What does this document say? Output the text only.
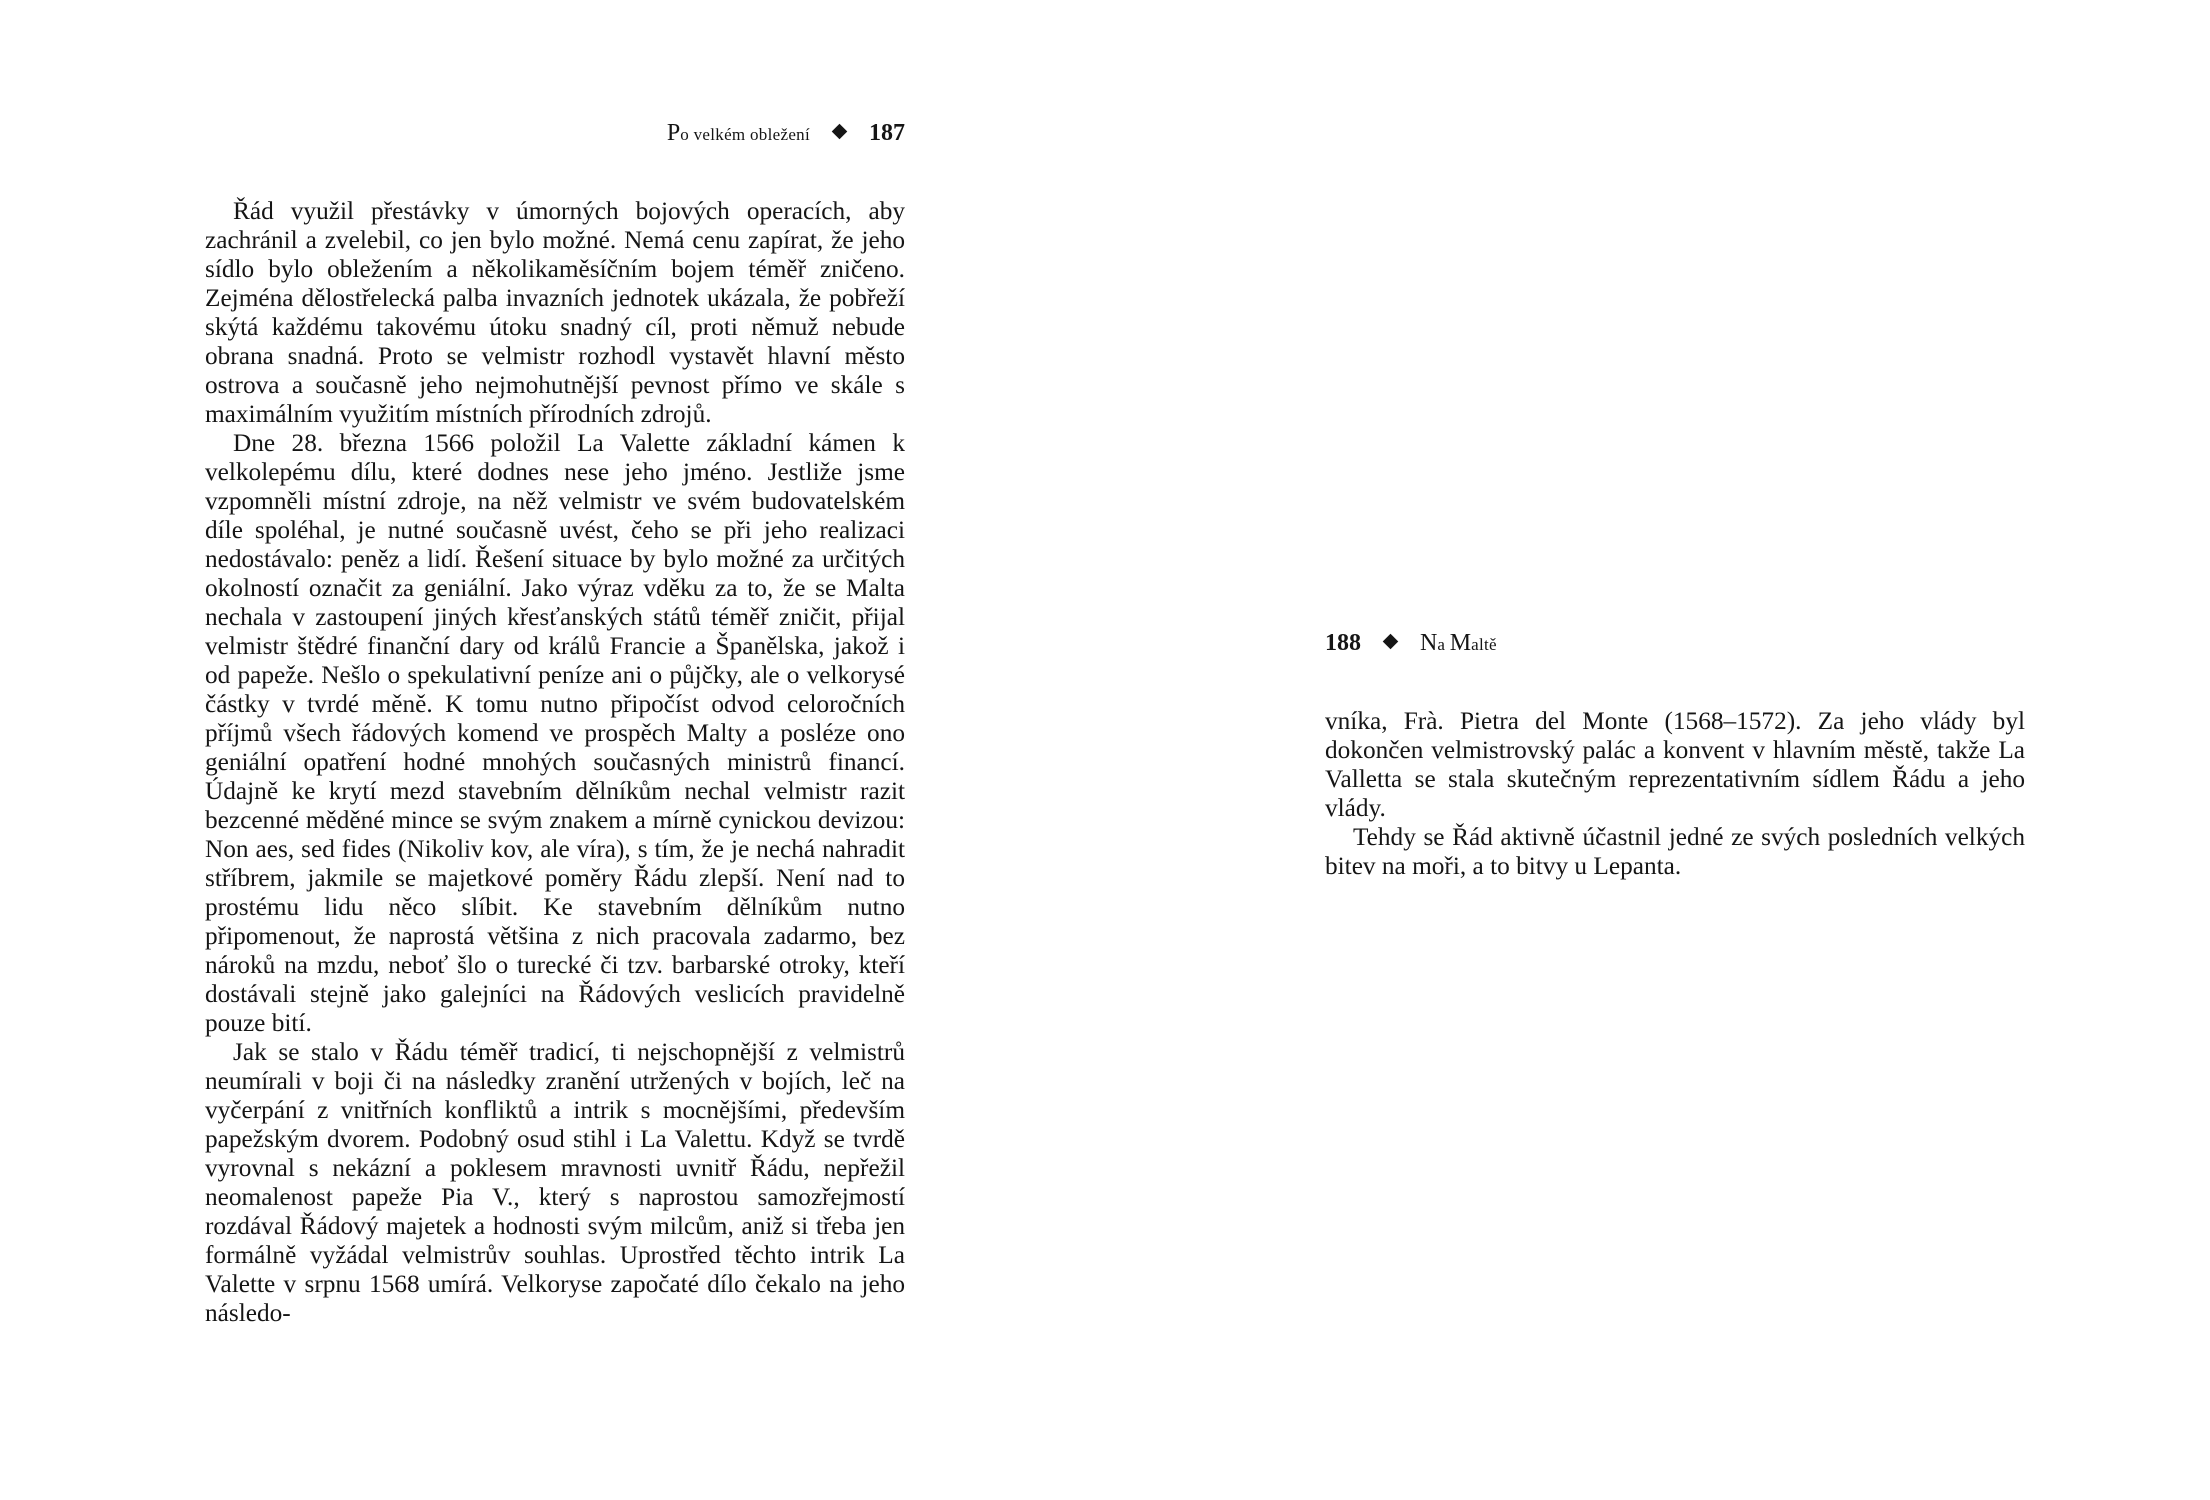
Po velkém obležení 187

Řád využil přestávky v úmorných bojových operacích, aby zachránil a zvelebil, co jen bylo možné. Nemá cenu zapírat, že jeho sídlo bylo obležením a několikaměsíčním bojem téměř zničeno. Zejména dělostřelecká palba invazních jednotek ukázala, že pobřeží skýtá každému takovému útoku snadný cíl, proti němuž nebude obrana snadná. Proto se velmistr rozhodl vystavět hlavní město ostrova a současně jeho nejmohutnější pevnost přímo ve skále s maximálním využitím místních přírodních zdrojů.

Dne 28. března 1566 položil La Valette základní kámen k velkolepému dílu, které dodnes nese jeho jméno. Jestliže jsme vzpomněli místní zdroje, na něž velmistr ve svém budovatelském díle spoléhal, je nutné současně uvést, čeho se při jeho realizaci nedostávalo: peněz a lidí. Řešení situace by bylo možné za určitých okolností označit za geniální. Jako výraz vděku za to, že se Malta nechala v zastoupení jiných křesťanských států téměř zničit, přijal velmistr štědré finanční dary od králů Francie a Španělska, jakož i od papeže. Nešlo o spekulativní peníze ani o půjčky, ale o velkorysé částky v tvrdé měně. K tomu nutno připočíst odvod celoročních příjmů všech řádových komend ve prospěch Malty a posléze ono geniální opatření hodné mnohých současných ministrů financí. Údajně ke krytí mezd stavebním dělníkům nechal velmistr razit bezcenné měděné mince se svým znakem a mírně cynickou devizou: Non aes, sed fides (Nikoliv kov, ale víra), s tím, že je nechá nahradit stříbrem, jakmile se majetkové poměry Řádu zlepší. Není nad to prostému lidu něco slíbit. Ke stavebním dělníkům nutno připomenout, že naprostá většina z nich pracovala zadarmo, bez nároků na mzdu, neboť šlo o turecké či tzv. barbarské otroky, kteří dostávali stejně jako galejníci na Řádových veslicích pravidelně pouze bití.

Jak se stalo v Řádu téměř tradicí, ti nejschopnější z velmistrů neumírali v boji či na následky zranění utržených v bojích, leč na vyčerpání z vnitřních konfliktů a intrik s mocnějšími, především papežským dvorem. Podobný osud stihl i La Valettu. Když se tvrdě vyrovnal s nekázní a poklesem mravnosti uvnitř Řádu, nepřežil neomalenost papeže Pia V., který s naprostou samozřejmostí rozdával Řádový majetek a hodnosti svým milcům, aniž si třeba jen formálně vyžádal velmistrův souhlas. Uprostřed těchto intrik La Valette v srpnu 1568 umírá. Velkoryse započaté dílo čekalo na jeho následo-

188 Na Maltě

vníka, Frà. Pietra del Monte (1568–1572). Za jeho vlády byl dokončen velmistrovský palác a konvent v hlavním městě, takže La Valletta se stala skutečným reprezentativním sídlem Řádu a jeho vlády.

Tehdy se Řád aktivně účastnil jedné ze svých posledních velkých bitev na moři, a to bitvy u Lepanta.
